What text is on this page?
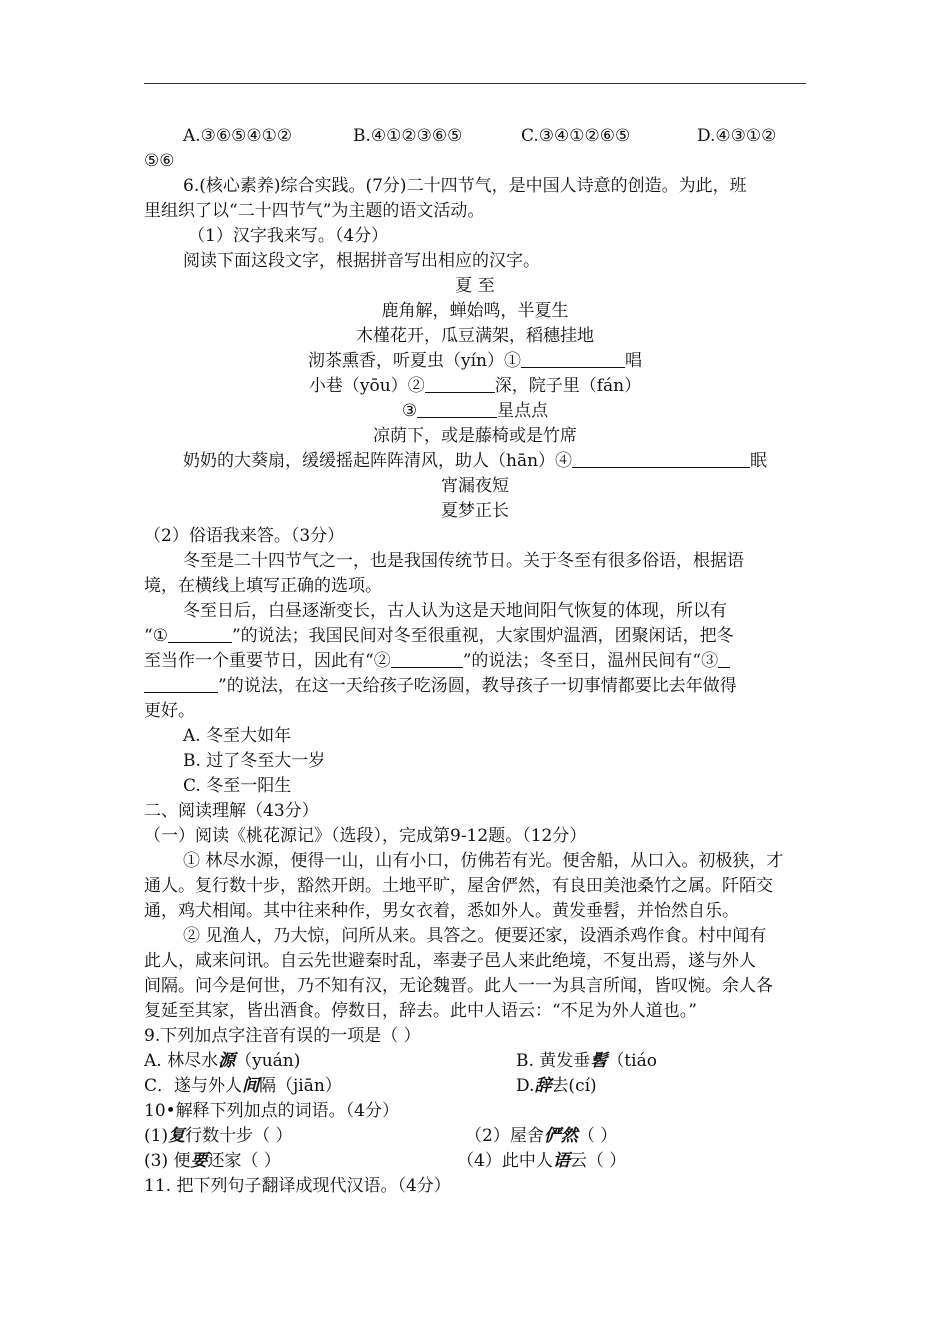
A.③⑥⑤④①②	B.④①②③⑥⑤	C.③④①②⑥⑤	D.④③①②
⑤⑥
6.(核心素养)综合实践。(7分)二十四节气，是中国人诗意的创造。为此，班
里组织了以“二十四节气”为主题的语文活动。
（1）汉字我来写。（4分）
阅读下面这段文字，根据拼音写出相应的汉字。
夏 至
鹿角解，蝉始鸣，半夏生
木槿花开，瓜豆满架，稻穗挂地
沏茶熏香，听夏虫（yín）①	唱
小巷（yōu）②	深，院子里（fán）
③	星点点
凉荫下，或是藤椅或是竹席
奶奶的大葵扇，缓缓摇起阵阵清风，助人（hān）④	眠
宵漏夜短
夏梦正长
（2）俗语我来答。（3分）
冬至是二十四节气之一，也是我国传统节日。关于冬至有很多俗语，根据语
境，在横线上填写正确的选项。
冬至日后，白昼逐渐变长，古人认为这是天地间阳气恢复的体现，所以有
“①	”的说法；我国民间对冬至很重视，大家围炉温酒，团聚闲话，把冬
至当作一个重要节日，因此有“②	”的说法；冬至日，温州民间有“③
”的说法，在这一天给孩子吃汤圆，教导孩子一切事情都要比去年做得
更好。
A. 冬至大如年
B. 过了冬至大一岁
C. 冬至一阳生
二、阅读理解（43分）
（一）阅读《桃花源记》（选段），完成第9-12题。（12分）
① 林尽水源，便得一山，山有小口，仿佛若有光。便舍船，从口入。初极狭，才
通人。复行数十步，豁然开朗。土地平旷，屋舍俨然，有良田美池桑竹之属。阡陌交
通，鸡犬相闻。其中往来种作，男女衣着，悉如外人。黄发垂髫，并怡然自乐。
② 见渔人，乃大惊，问所从来。具答之。便要还家，设酒杀鸡作食。村中闻有
此人，咸来问讯。自云先世避秦时乱，率妻子邑人来此绝境，不复出焉，遂与外人
间隔。问今是何世，乃不知有汉，无论魏晋。此人一一为具言所闻，皆叹惋。余人各
复延至其家，皆出酒食。停数日，辞去。此中人语云：“不足为外人道也。”
9.下列加点字注音有误的一项是（ ）
A. 林尽水源（yuán)	B. 黄发垂髫（tiáo
C．遂与外人间隔（jiān）	D.辞去(cí)
10•解释下列加点的词语。（4分）
(1)复行数十步（ ）	（2）屋舍俨然（ ）
(3) 便要还家（ ）	（4）此中人语云（ ）
11. 把下列句子翻译成现代汉语。（4分）
